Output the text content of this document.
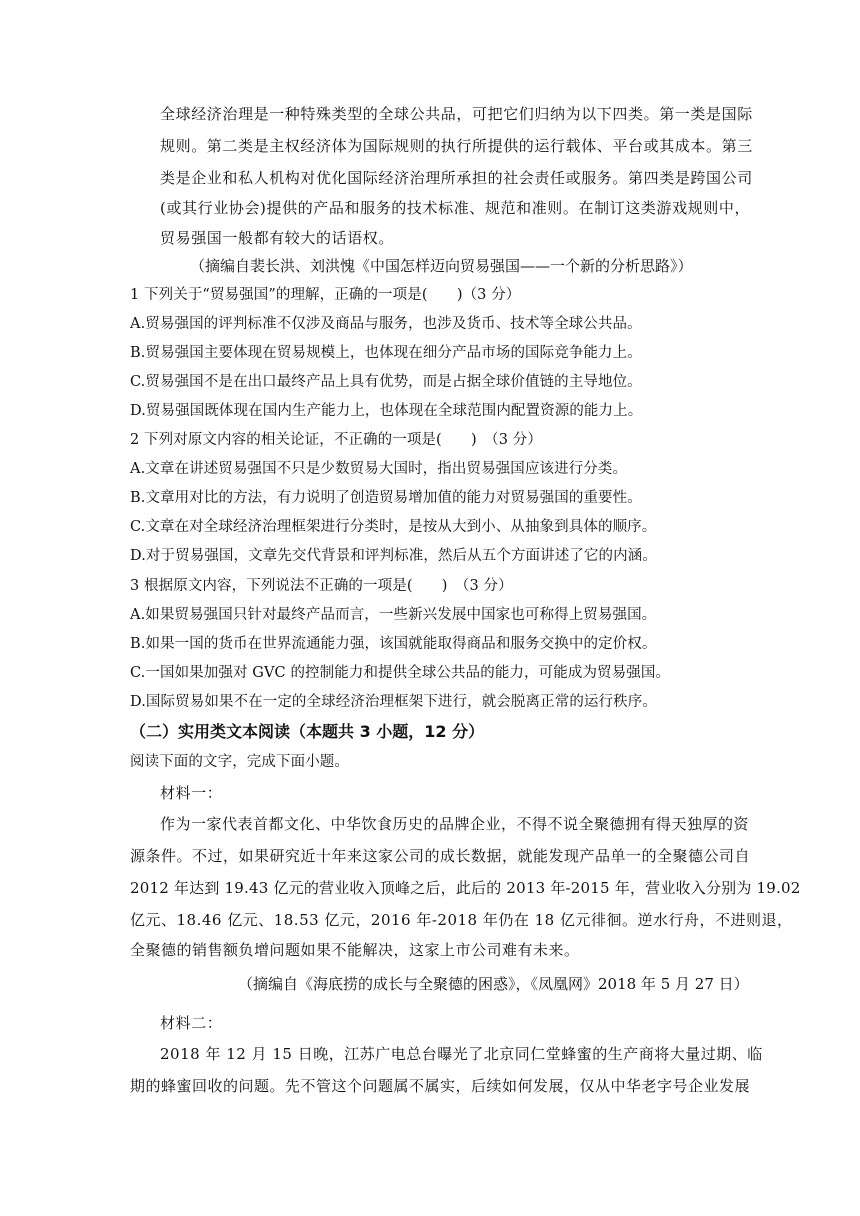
全球经济治理是一种特殊类型的全球公共品，可把它们归纳为以下四类。第一类是国际
规则。第二类是主权经济体为国际规则的执行所提供的运行载体、平台或其成本。第三
类是企业和私人机构对优化国际经济治理所承担的社会责任或服务。第四类是跨国公司
(或其行业协会)提供的产品和服务的技术标准、规范和准则。在制订这类游戏规则中，
贸易强国一般都有较大的话语权。
（摘编自裴长洪、刘洪愧《中国怎样迈向贸易强国——一个新的分析思路》）
1 下列关于“贸易强国”的理解，正确的一项是(　　)（3 分）
A.贸易强国的评判标准不仅涉及商品与服务，也涉及货币、技术等全球公共品。
B.贸易强国主要体现在贸易规模上，也体现在细分产品市场的国际竞争能力上。
C.贸易强国不是在出口最终产品上具有优势，而是占据全球价值链的主导地位。
D.贸易强国既体现在国内生产能力上，也体现在全球范围内配置资源的能力上。
2 下列对原文内容的相关论证，不正确的一项是(　　)　（3 分）
A.文章在讲述贸易强国不只是少数贸易大国时，指出贸易强国应该进行分类。
B.文章用对比的方法，有力说明了创造贸易增加值的能力对贸易强国的重要性。
C.文章在对全球经济治理框架进行分类时，是按从大到小、从抽象到具体的顺序。
D.对于贸易强国，文章先交代背景和评判标准，然后从五个方面讲述了它的内涵。
3 根据原文内容，下列说法不正确的一项是(　　)　（3 分）
A.如果贸易强国只针对最终产品而言，一些新兴发展中国家也可称得上贸易强国。
B.如果一国的货币在世界流通能力强，该国就能取得商品和服务交换中的定价权。
C.一国如果加强对 GVC 的控制能力和提供全球公共品的能力，可能成为贸易强国。
D.国际贸易如果不在一定的全球经济治理框架下进行，就会脱离正常的运行秩序。
（二）实用类文本阅读（本题共 3 小题，12 分）
阅读下面的文字，完成下面小题。
材料一：
作为一家代表首都文化、中华饮食历史的品牌企业，不得不说全聚德拥有得天独厚的资
源条件。不过，如果研究近十年来这家公司的成长数据，就能发现产品单一的全聚德公司自
2012 年达到 19.43 亿元的营业收入顶峰之后，此后的 2013 年-2015 年，营业收入分别为 19.02
亿元、18.46 亿元、18.53 亿元，2016 年-2018 年仍在 18 亿元徘徊。逆水行舟，不进则退，
全聚德的销售额负增问题如果不能解决，这家上市公司难有未来。
（摘编自《海底捞的成长与全聚德的困惑》，《凤凰网》2018 年 5 月 27 日）
材料二：
2018 年 12 月 15 日晚，江苏广电总台曝光了北京同仁堂蜂蜜的生产商将大量过期、临
期的蜂蜜回收的问题。先不管这个问题属不属实，后续如何发展，仅从中华老字号企业发展
